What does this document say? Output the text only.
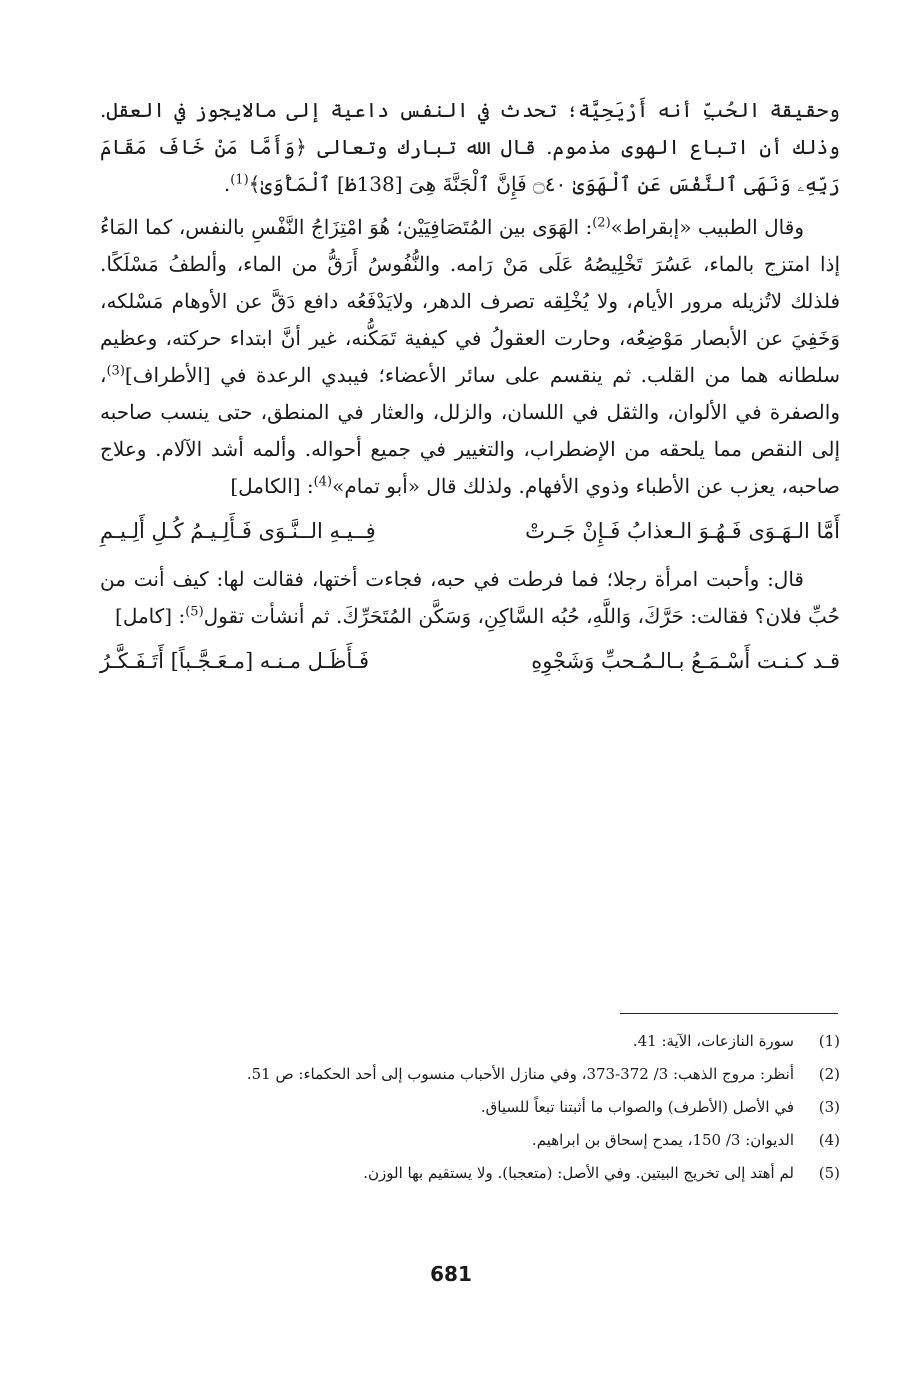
وحقيقة الحُبِّ أنه أَرْيَحِيَّة؛ تحدث في النفس داعية إلى مالايجوز في العقل. وذلك أن اتباع الهوى مذموم. قال الله تبارك وتعالى ﴿وَأَمَّا مَنْ خَافَ مَقَامَ رَبِّهِۦ وَنَهَى ٱلنَّفْسَ عَنِ ٱلْهَوَىٰ ۝٤٠ فَإِنَّ ٱلْجَنَّةَ هِىَ [138ظ] ٱلْمَأْوَىٰ﴾$^{(1)}$.

وقال الطبيب «إبقراط»$^{(2)}$: الهَوَى بين المُتَصَافِيَيْن؛ هُوَ امْتِزَاجُ النَّفْسِ بالنفس، كما المَاءُ إذا امتزج بالماء، عَسُرَ تَخْلِيصُهُ عَلَى مَنْ رَامه. والنُّفُوسُ أَرَقُّ من الماء، وألطفُ مَسْلَكًا. فلذلك لاتُزيله مرور الأيام، ولا يُخْلِقه تصرف الدهر، ولايَدْفَعُه دافع دَقَّ عن الأوهام مَسْلكه، وَخَفِيَ عن الأبصار مَوْضِعُه، وحارت العقولُ في كيفية تَمَكُّنه، غير أنَّ ابتداء حركته، وعظيم سلطانه هما من القلب. ثم ينقسم على سائر الأعضاء؛ فيبدي الرعدة في [الأطراف]$^{(3)}$، والصفرة في الألوان، والثقل في اللسان، والزلل، والعثار في المنطق، حتى ينسب صاحبه إلى النقص مما يلحقه من الإضطراب، والتغيير في جميع أحواله. وألمه أشد الآلام. وعلاج صاحبه، يعزب عن الأطباء وذوي الأفهام. ولذلك قال «أبو تمام»$^{(4)}$: [الكامل]

أَمَّا الـهَـوَى فَـهُـوَ الـعذابُ فَـإِنْ جَـرتْ
فِــيـهِ الــنَّـوَى فَـأَلِـيـمُ كُـلِ أَلِـيـمِ

قال: وأحبت امرأة رجلا؛ فما فرطت في حبه، فجاءت أختها، فقالت لها: كيف أنت من حُبِّ فلان؟ فقالت: حَرَّكَ، وَاللَّهِ، حُبُه السَّاكِنِ، وَسَكَّن المُتَحَرِّكَ. ثم أنشأت تقول$^{(5)}$: [كامل]

قـد كـنـت أَسْـمَـعُ بـالـمُـحبِّ وَشَجْوِهِ
فَـأَظَـل مـنـه [مـعَـجَّـباً] أَتَـفَـكَّـرُ
(1)
سورة النازعات، الآية: 41.
(2)
أنظر: مروج الذهب: 3/ 372-373، وفي منازل الأحباب منسوب إلى أحد الحكماء: ص 51.
(3)
في الأصل (الأطرف) والصواب ما أثبتنا تبعاً للسياق.
(4)
الديوان: 3/ 150، يمدح إسحاق بن ابراهيم.
(5)
لم أهتد إلى تخريج البيتين. وفي الأصل: (متعجبا). ولا يستقيم بها الوزن.
681
